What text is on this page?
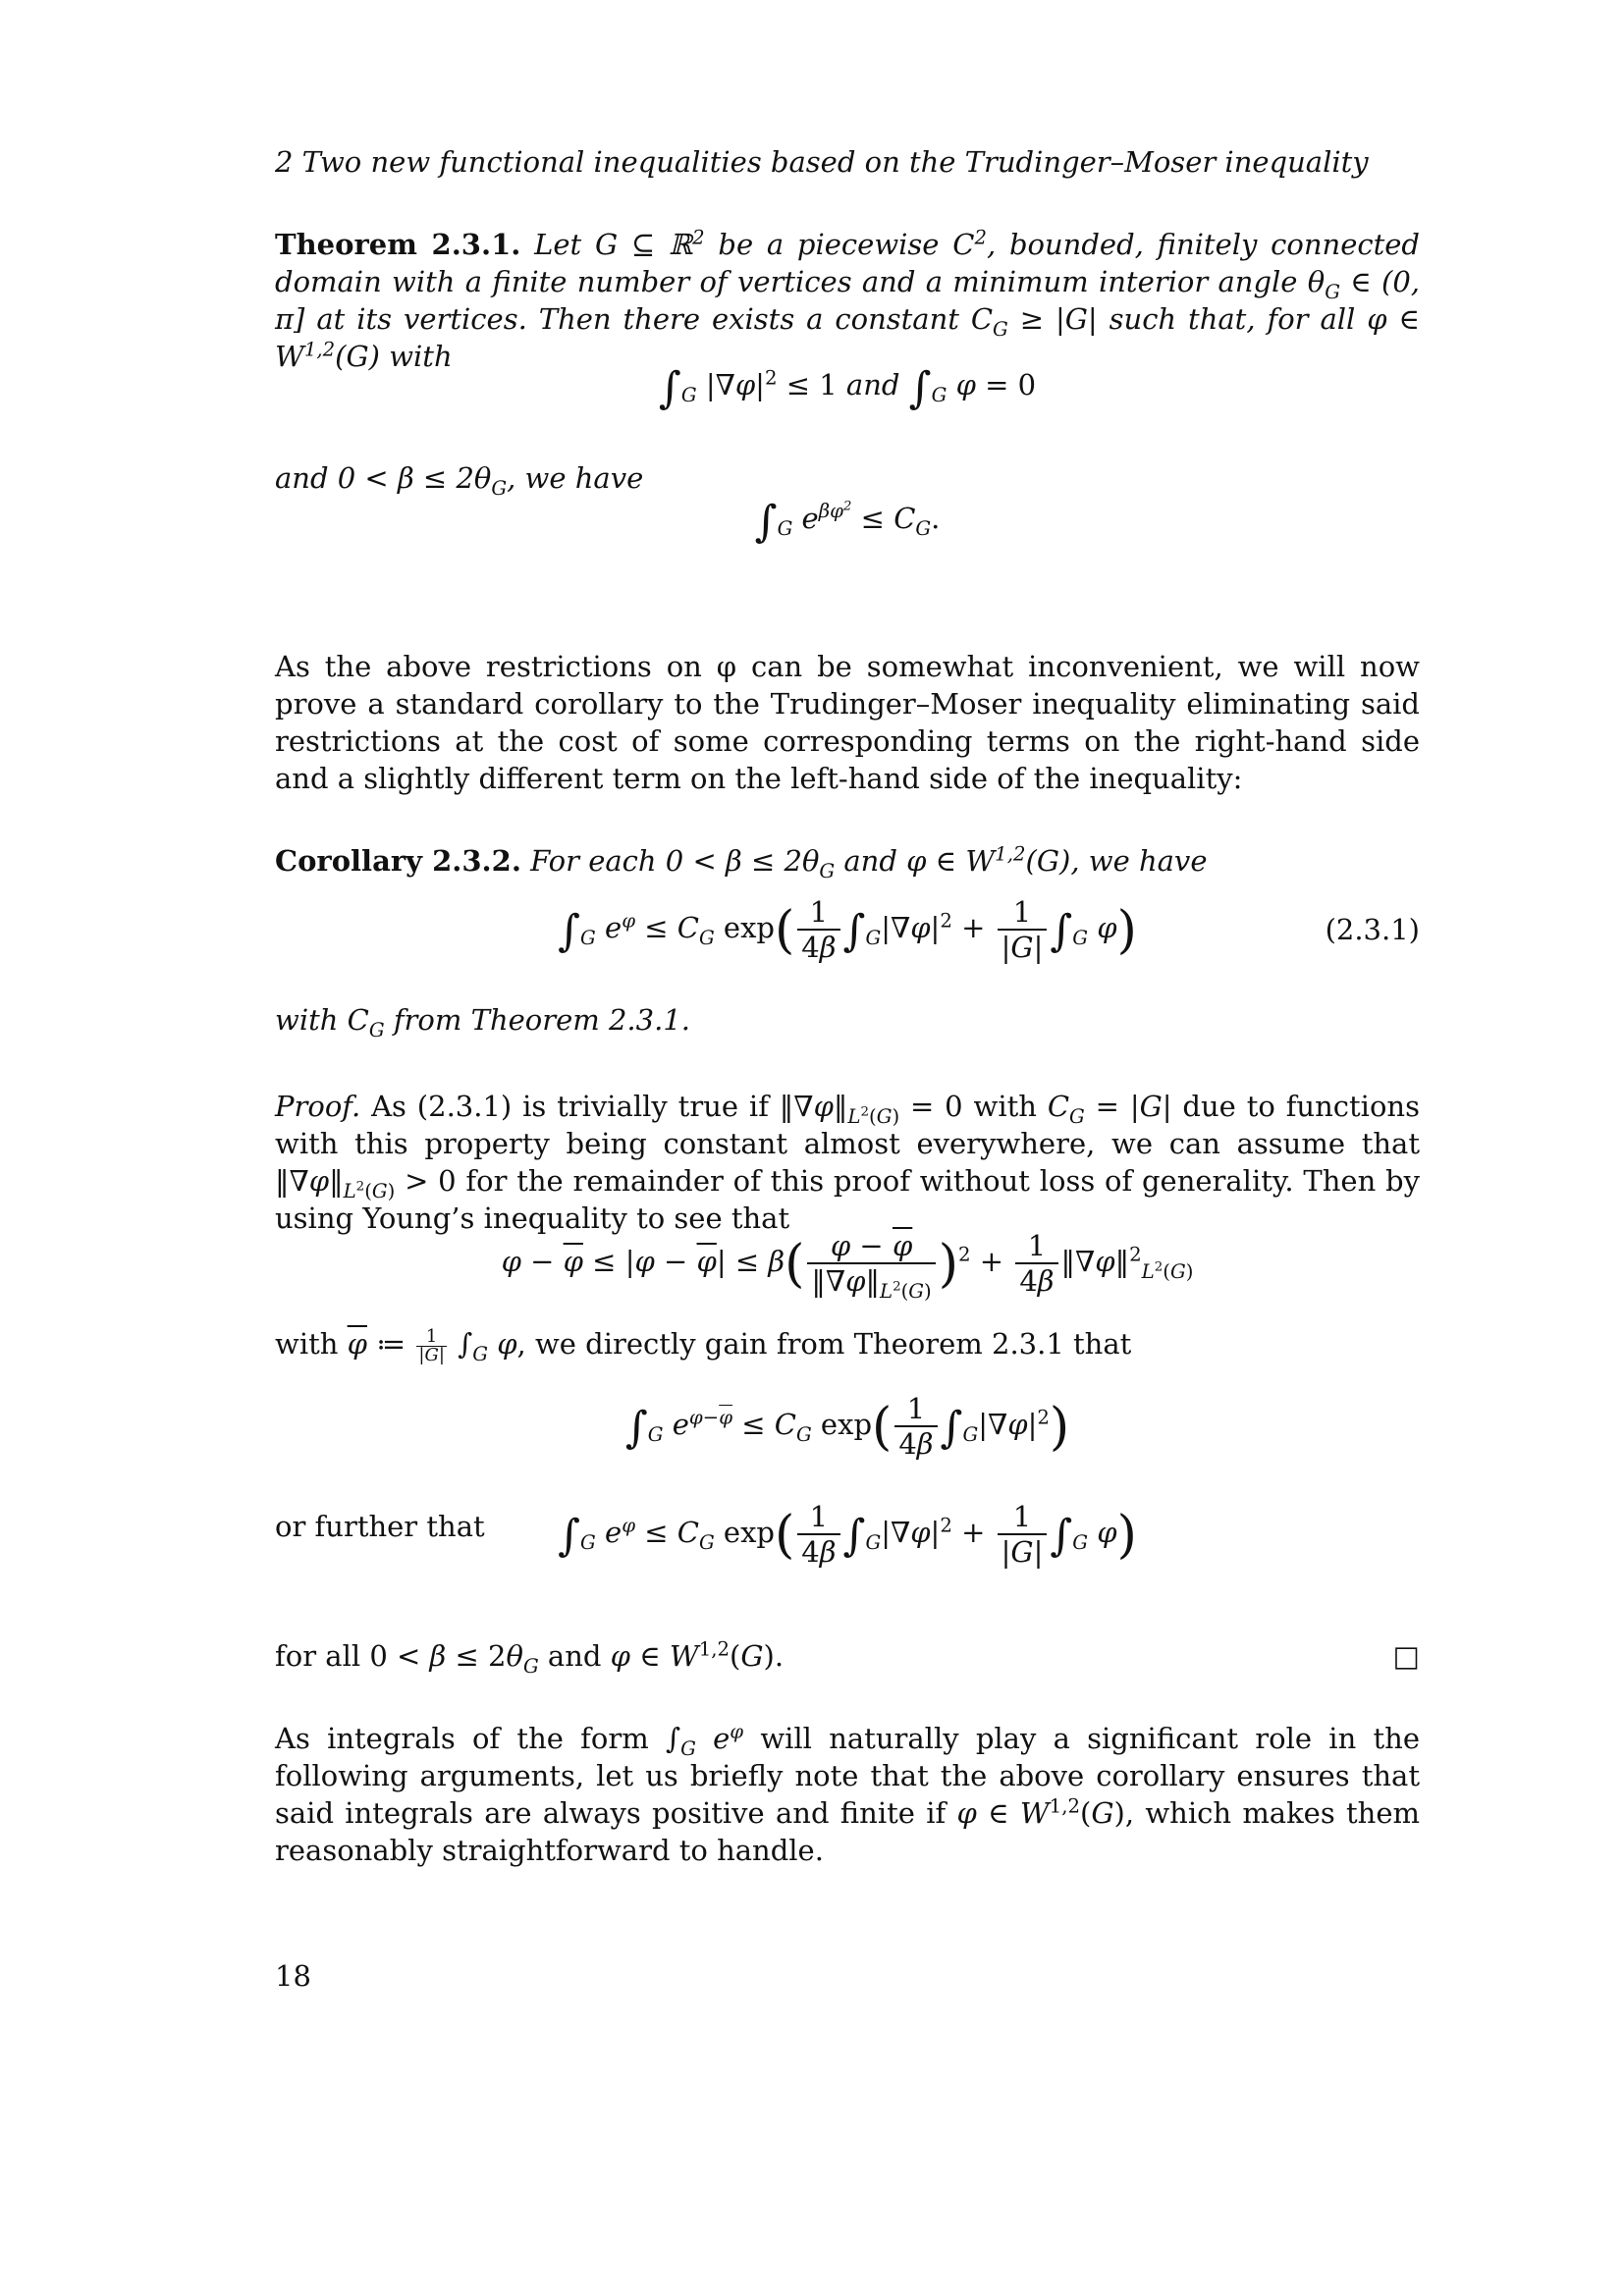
2 Two new functional inequalities based on the Trudinger–Moser inequality
Theorem 2.3.1. Let G ⊆ ℝ$^2$ be a piecewise $C^2$, bounded, finitely connected domain with a finite number of vertices and a minimum interior angle $\theta_G$ ∈ (0, π] at its vertices. Then there exists a constant $C_G \ge |G|$ such that, for all φ ∈ W$^{1,2}$(G) with
$\int_G$ $|\nabla\varphi|^2 \le 1$ and $\int_G$ φ = 0
and $0 < \beta \le 2\theta_G$, we have
$\int_G$ $e^{\beta\varphi^2} \le C_G$.
As the above restrictions on φ can be somewhat inconvenient, we will now prove a standard corollary to the Trudinger–Moser inequality eliminating said restrictions at the cost of some corresponding terms on the right-hand side and a slightly different term on the left-hand side of the inequality:
Corollary 2.3.2. For each $0 < \beta \le 2\theta_G$ and φ ∈ W$^{1,2}$(G), we have
$\int_G$ $e^\varphi \le C_G$ $\exp( \frac{1}{4\beta} \int_G|\nabla\varphi|^2 + \frac{1}{|G|} \int_G$ φ)	(2.3.1)
with $C_G$ from Theorem 2.3.1.
Proof. As (2.3.1) is trivially true if $‖\nabla\varphi‖_{L^2(G)} = 0$ with $C_G = |G|$ due to functions with this property being constant almost everywhere, we can assume that $‖\nabla\varphi‖_{L^2(G)} > 0$ for the remainder of this proof without loss of generality. Then by using Young’s inequality to see that
$\varphi - \overline{\varphi} \le |\varphi - \overline{\varphi}| \le \beta( \frac{\varphi - \overline{\varphi}}{‖\nabla\varphi‖_{L^2(G)}} )^2 + \frac{1}{4\beta}$ ‖∇φ‖$^2_{L^2(G)}$
with $\overline{\varphi}$ ≔ $\frac{1}{|G|} \int_G$ φ, we directly gain from Theorem 2.3.1 that
$\int_G$ $e^{\varphi-\overline{\varphi}} \le C_G$ $\exp( \frac{1}{4\beta} \int_G|\nabla\varphi|^2)$
or further that	$\int_G$ $e^\varphi \le C_G$ $\exp( \frac{1}{4\beta} \int_G|\nabla\varphi|^2 + \frac{1}{|G|} \int_G$ φ)
for all $0 < \beta \le 2\theta_G$ and φ ∈ W$^{1,2}$(G).	□
As integrals of the form $\int_G$ $e^\varphi$ will naturally play a significant role in the following arguments, let us briefly note that the above corollary ensures that said integrals are always positive and finite if φ ∈ W$^{1,2}$(G), which makes them reasonably straightforward to handle.
18
